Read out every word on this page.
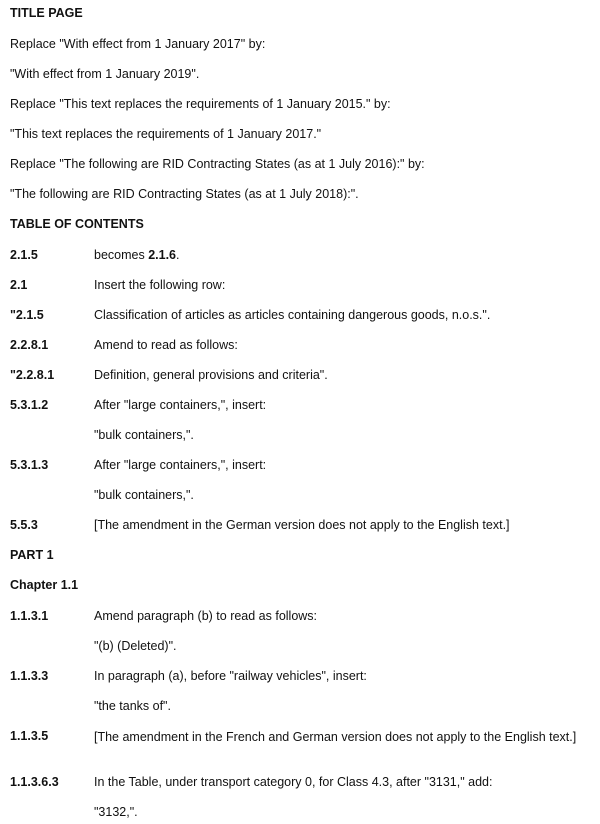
TITLE PAGE
Replace "With effect from 1 January 2017" by:
"With effect from 1 January 2019".
Replace "This text replaces the requirements of 1 January 2015." by:
"This text replaces the requirements of 1 January 2017."
Replace "The following are RID Contracting States (as at 1 July 2016):" by:
"The following are RID Contracting States (as at 1 July 2018):".
TABLE OF CONTENTS
2.1.5	becomes 2.1.6.
2.1	Insert the following row:
"2.1.5	Classification of articles as articles containing dangerous goods, n.o.s.".
2.2.8.1	Amend to read as follows:
"2.2.8.1	Definition, general provisions and criteria".
5.3.1.2	After "large containers,", insert:
"bulk containers,".
5.3.1.3	After "large containers,", insert:
"bulk containers,".
5.5.3	[The amendment in the German version does not apply to the English text.]
PART 1
Chapter 1.1
1.1.3.1	Amend paragraph (b) to read as follows:
"(b) (Deleted)".
1.1.3.3	In paragraph (a), before "railway vehicles", insert:
"the tanks of".
1.1.3.5	[The amendment in the French and German version does not apply to the English text.]
1.1.3.6.3	In the Table, under transport category 0, for Class 4.3, after "3131," add:
"3132,".
